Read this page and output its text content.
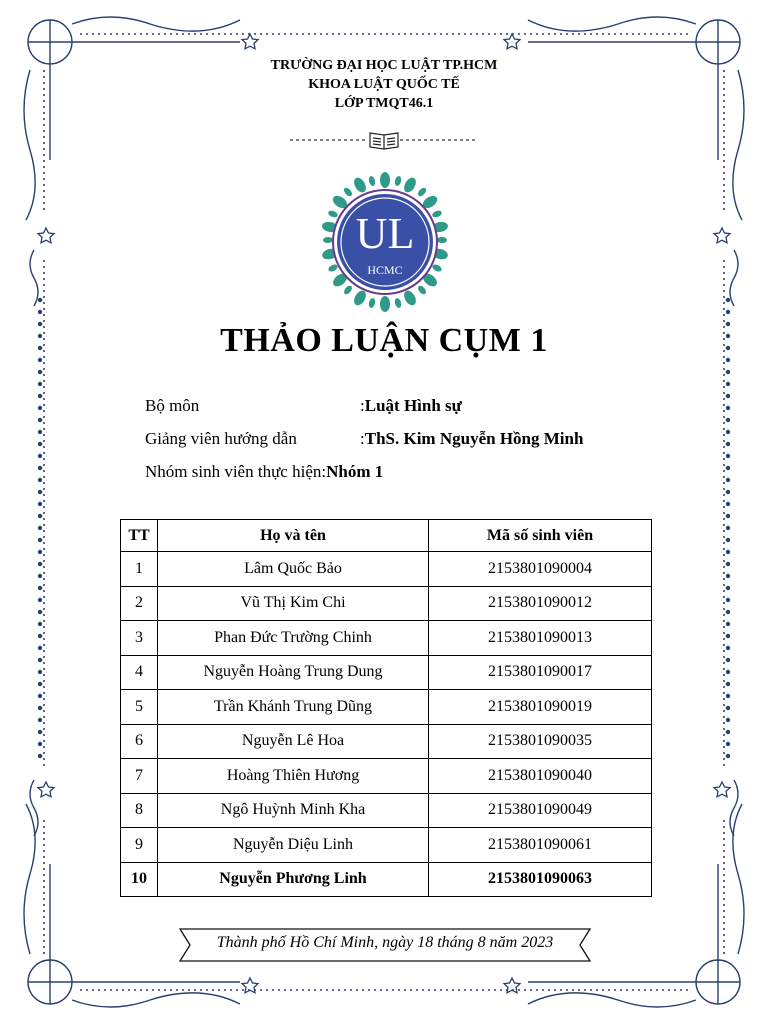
TRƯỜNG ĐẠI HỌC LUẬT TP.HCM
KHOA LUẬT QUỐC TẾ
LỚP TMQT46.1
UL
HCMC
THẢO LUẬN CỤM 1
Bộ môn	:Luật Hình sự
Giảng viên hướng dẫn	:ThS. Kim Nguyễn Hồng Minh
Nhóm sinh viên thực hiện:Nhóm 1
TT	Họ và tên	Mã số sinh viên
1	Lâm Quốc Bảo	2153801090004
2	Vũ Thị Kim Chi	2153801090012
3	Phan Đức Trường Chinh	2153801090013
4	Nguyễn Hoàng Trung Dung	2153801090017
5	Trần Khánh Trung Dũng	2153801090019
6	Nguyễn Lê Hoa	2153801090035
7	Hoàng Thiên Hương	2153801090040
8	Ngô Huỳnh Minh Kha	2153801090049
9	Nguyễn Diệu Linh	2153801090061
10	Nguyễn Phương Linh	2153801090063
Thành phố Hồ Chí Minh, ngày 18 tháng 8 năm 2023
